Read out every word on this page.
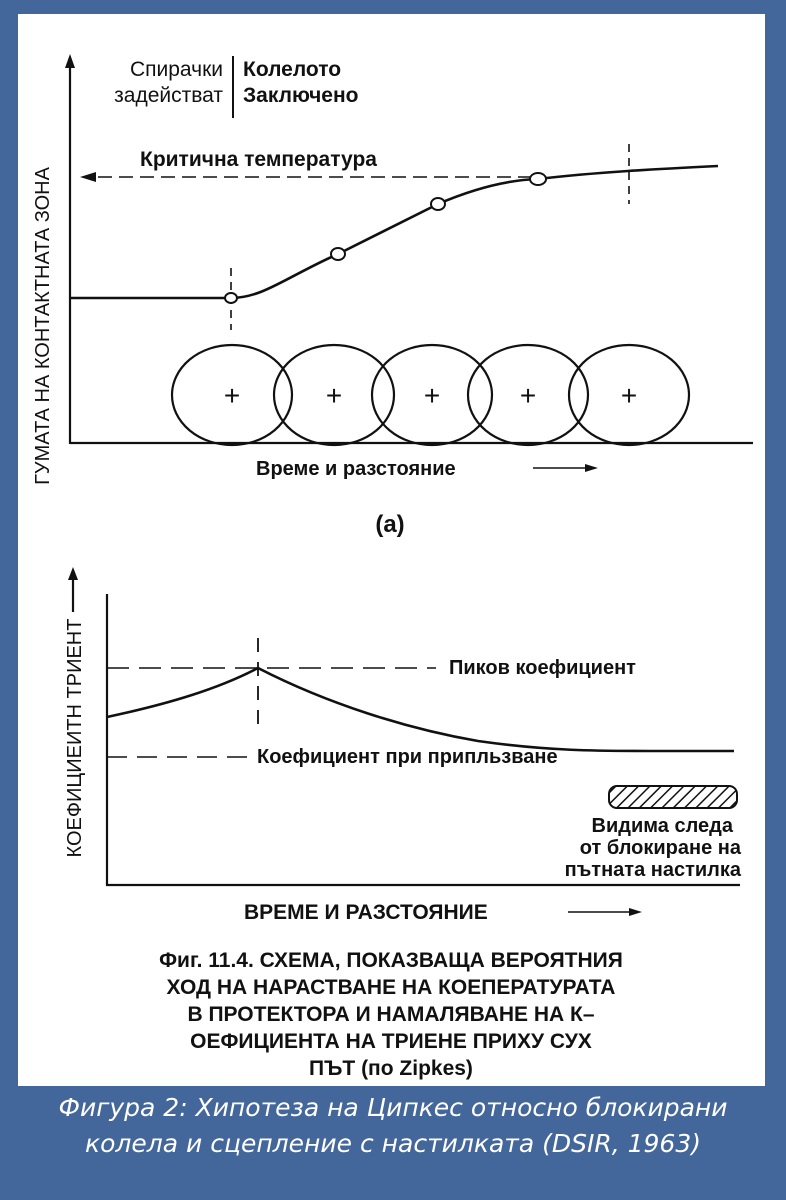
Спирачки
задействат
Колелото
Заключено
ГУМАТА НА КОНТАКТНАТА ЗОНА
Критична температура
+	+	+	+	+
Време и разстояние
(a)
КОЕФИЦИЕИТН ТРИЕНТ	Пиков коефициент
Коефициент при припльзване
Видима следа
от блокиране на
пътната настилка
ВРЕМЕ И РАЗСТОЯНИЕ
Фиг. 11.4. СХЕМА, ПОКАЗВАЩА ВЕРОЯТНИЯ
ХОД НА НАРАСТВАНЕ НА КОЕПЕРАТУРАТА
В ПРОТЕКТОРА И НАМАЛЯВАНЕ НА К–
ОЕФИЦИЕНТА НА ТРИЕНЕ ПРИХУ СУХ
ПЪТ (по Zipkes)
Фигура 2: Хипотеза на Ципкес относно блокирани
колела и сцепление с настилката (DSIR, 1963)
